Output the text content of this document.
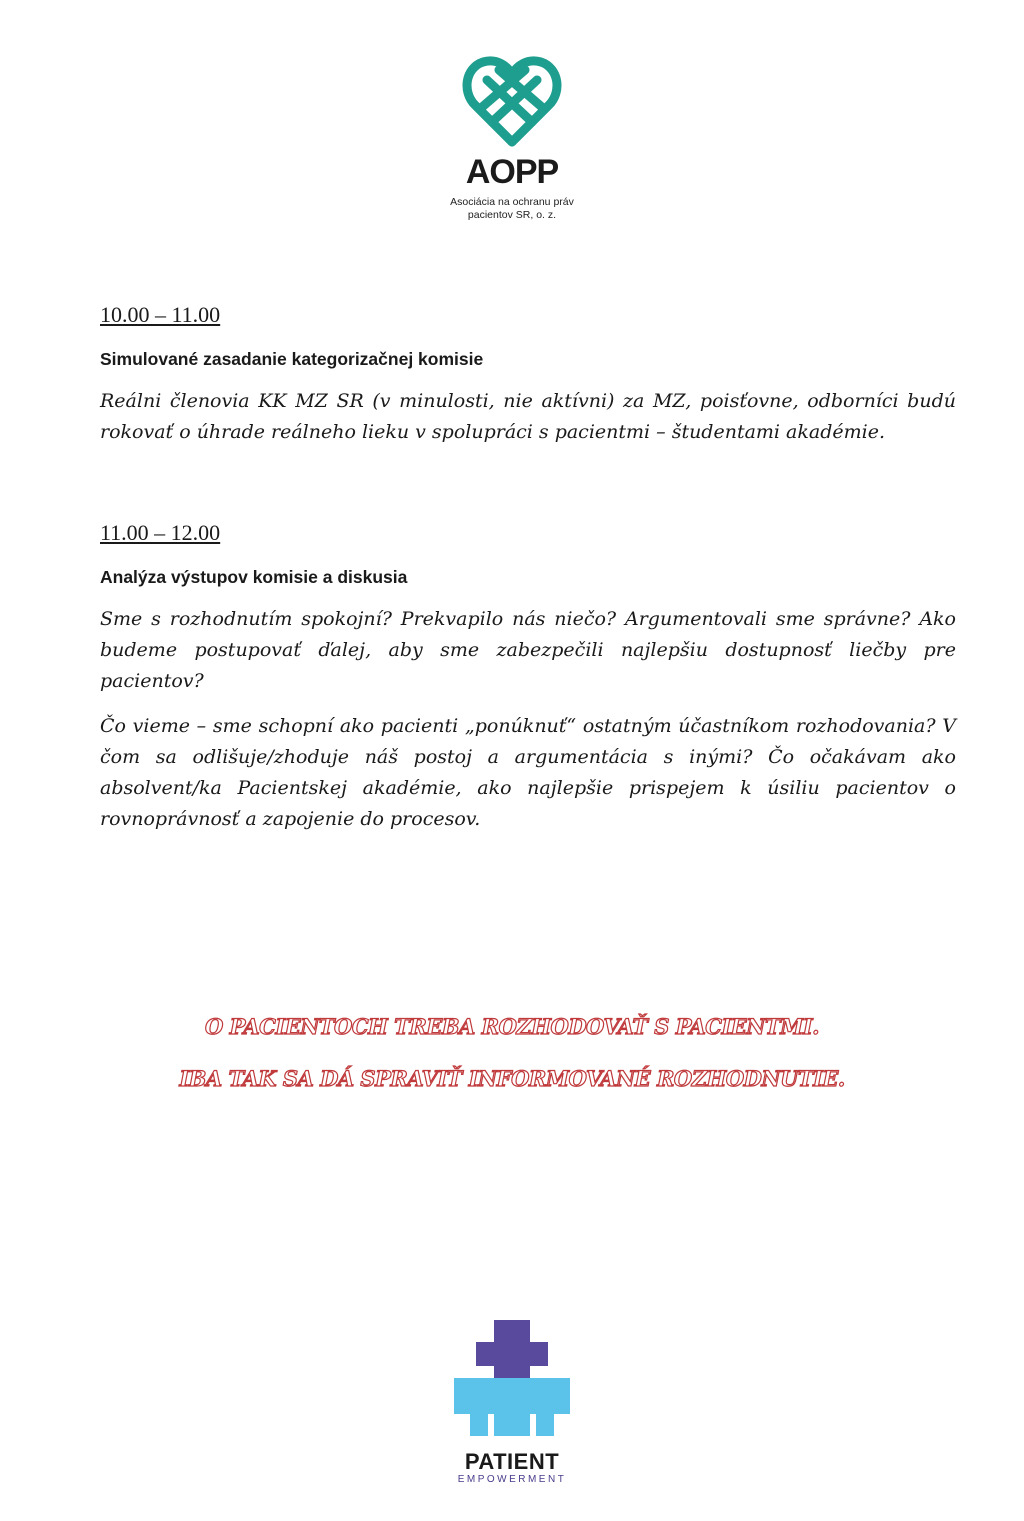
AOPP
Asociácia na ochranu práv
pacientov SR, o. z.

10.00 – 11.00

Simulované zasadanie kategorizačnej komisie

Reálni členovia KK MZ SR (v minulosti, nie aktívni) za MZ, poisťovne, odborníci budú rokovať o úhrade reálneho lieku v spolupráci s pacientmi – študentami akadémie.

11.00 – 12.00

Analýza výstupov komisie a diskusia

Sme s rozhodnutím spokojní? Prekvapilo nás niečo? Argumentovali sme správne? Ako budeme postupovať ďalej, aby sme zabezpečili najlepšiu dostupnosť liečby pre pacientov?

Čo vieme – sme schopní ako pacienti „ponúknuť“ ostatným účastníkom rozhodovania? V čom sa odlišuje/zhoduje náš postoj a argumentácia s inými? Čo očakávam ako absolvent/ka Pacientskej akadémie, ako najlepšie prispejem k úsiliu pacientov o rovnoprávnosť a zapojenie do procesov.

O PACIENTOCH TREBA ROZHODOVAŤ S PACIENTMI.
IBA TAK SA DÁ SPRAVIŤ INFORMOVANÉ ROZHODNUTIE.
PATIENT
EMPOWERMENT
